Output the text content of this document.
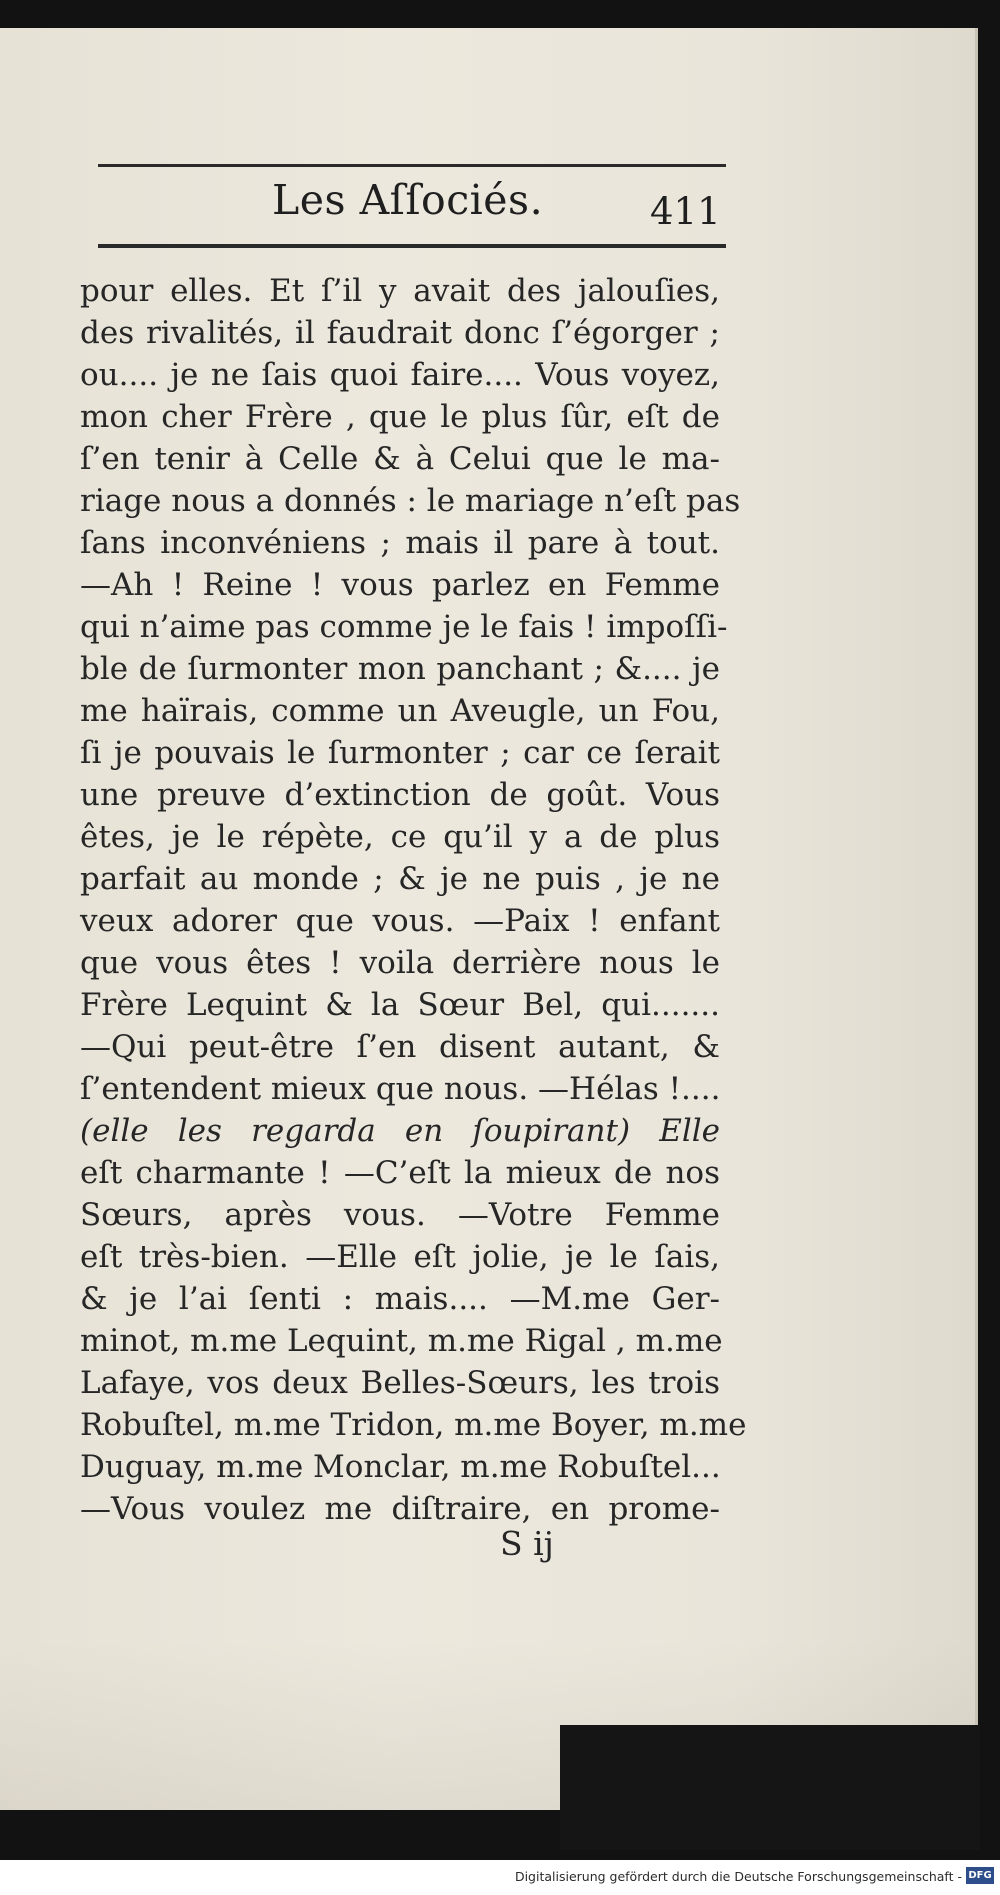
Les Aſſociés.	411
pour elles. Et ſ’il y avait des jalouſies,
des rivalités, il faudrait donc ſ’égorger ;
ou.... je ne ſais quoi faire.... Vous voyez,
mon cher Frère , que le plus ſûr, eſt de
ſ’en tenir à Celle & à Celui que le ma-
riage nous a donnés : le mariage n’eſt pas
ſans inconvéniens ; mais il pare à tout.
—Ah ! Reine ! vous parlez en Femme
qui n’aime pas comme je le fais ! impoſſi-
ble de ſurmonter mon panchant ; &.... je
me haïrais, comme un Aveugle, un Fou,
ſi je pouvais le ſurmonter ; car ce ſerait
une preuve d’extinction de goût. Vous
êtes, je le répète, ce qu’il y a de plus
parfait au monde ; & je ne puis , je ne
veux adorer que vous. —Paix ! enfant
que vous êtes ! voila derrière nous le
Frère Lequint & la Sœur Bel, qui.......
—Qui peut-être ſ’en disent autant, &
ſ’entendent mieux que nous. —Hélas !....
(elle les regarda en ſoupirant) Elle
eſt charmante ! —C’eſt la mieux de nos
Sœurs, après vous. —Votre Femme
eſt très-bien. —Elle eſt jolie, je le ſais,
& je l’ai ſenti : mais.... —M.me Ger-
minot, m.me Lequint, m.me Rigal , m.me
Lafaye, vos deux Belles-Sœurs, les trois
Robuſtel, m.me Tridon, m.me Boyer, m.me
Duguay, m.me Monclar, m.me Robuſtel...
—Vous voulez me diſtraire, en prome-
S ij
Digitalisierung gefördert durch die Deutsche Forschungsgemeinschaft - DFG
